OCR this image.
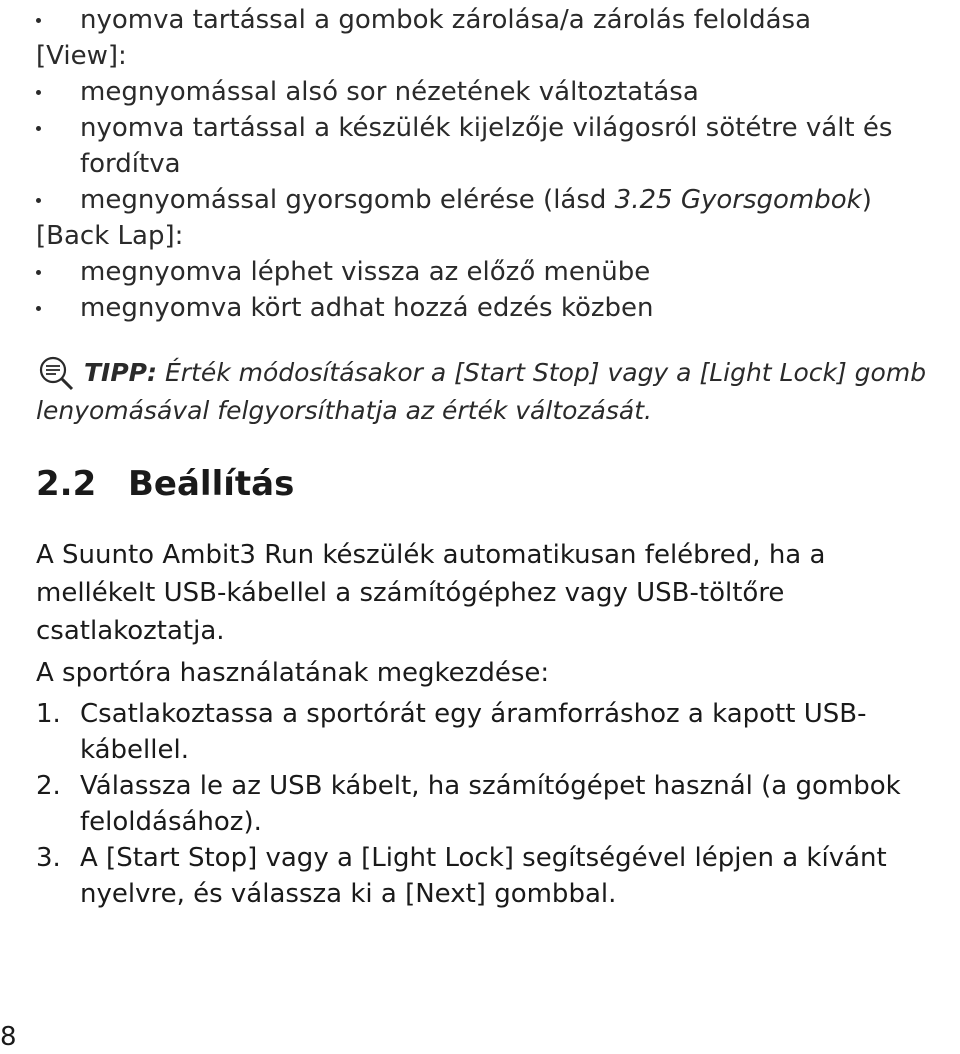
nyomva tartással a gombok zárolása/a zárolás feloldása
[View]:
megnyomással alsó sor nézetének változtatása
nyomva tartással a készülék kijelzője világosról sötétre vált és fordítva
megnyomással gyorsgomb elérése (lásd 3.25 Gyorsgombok)
[Back Lap]:
megnyomva léphet vissza az előző menübe
megnyomva kört adhat hozzá edzés közben
TIPP: Érték módosításakor a [Start Stop] vagy a [Light Lock] gomb lenyomásával felgyorsíthatja az érték változását.
2.2 Beállítás
A Suunto Ambit3 Run készülék automatikusan felébred, ha a mellékelt USB-kábellel a számítógéphez vagy USB-töltőre csatlakoztatja.
A sportóra használatának megkezdése:
1. Csatlakoztassa a sportórát egy áramforráshoz a kapott USB-kábellel.
2. Válassza le az USB kábelt, ha számítógépet használ (a gombok feloldásához).
3. A [Start Stop] vagy a [Light Lock] segítségével lépjen a kívánt nyelvre, és válassza ki a [Next] gombbal.
8
